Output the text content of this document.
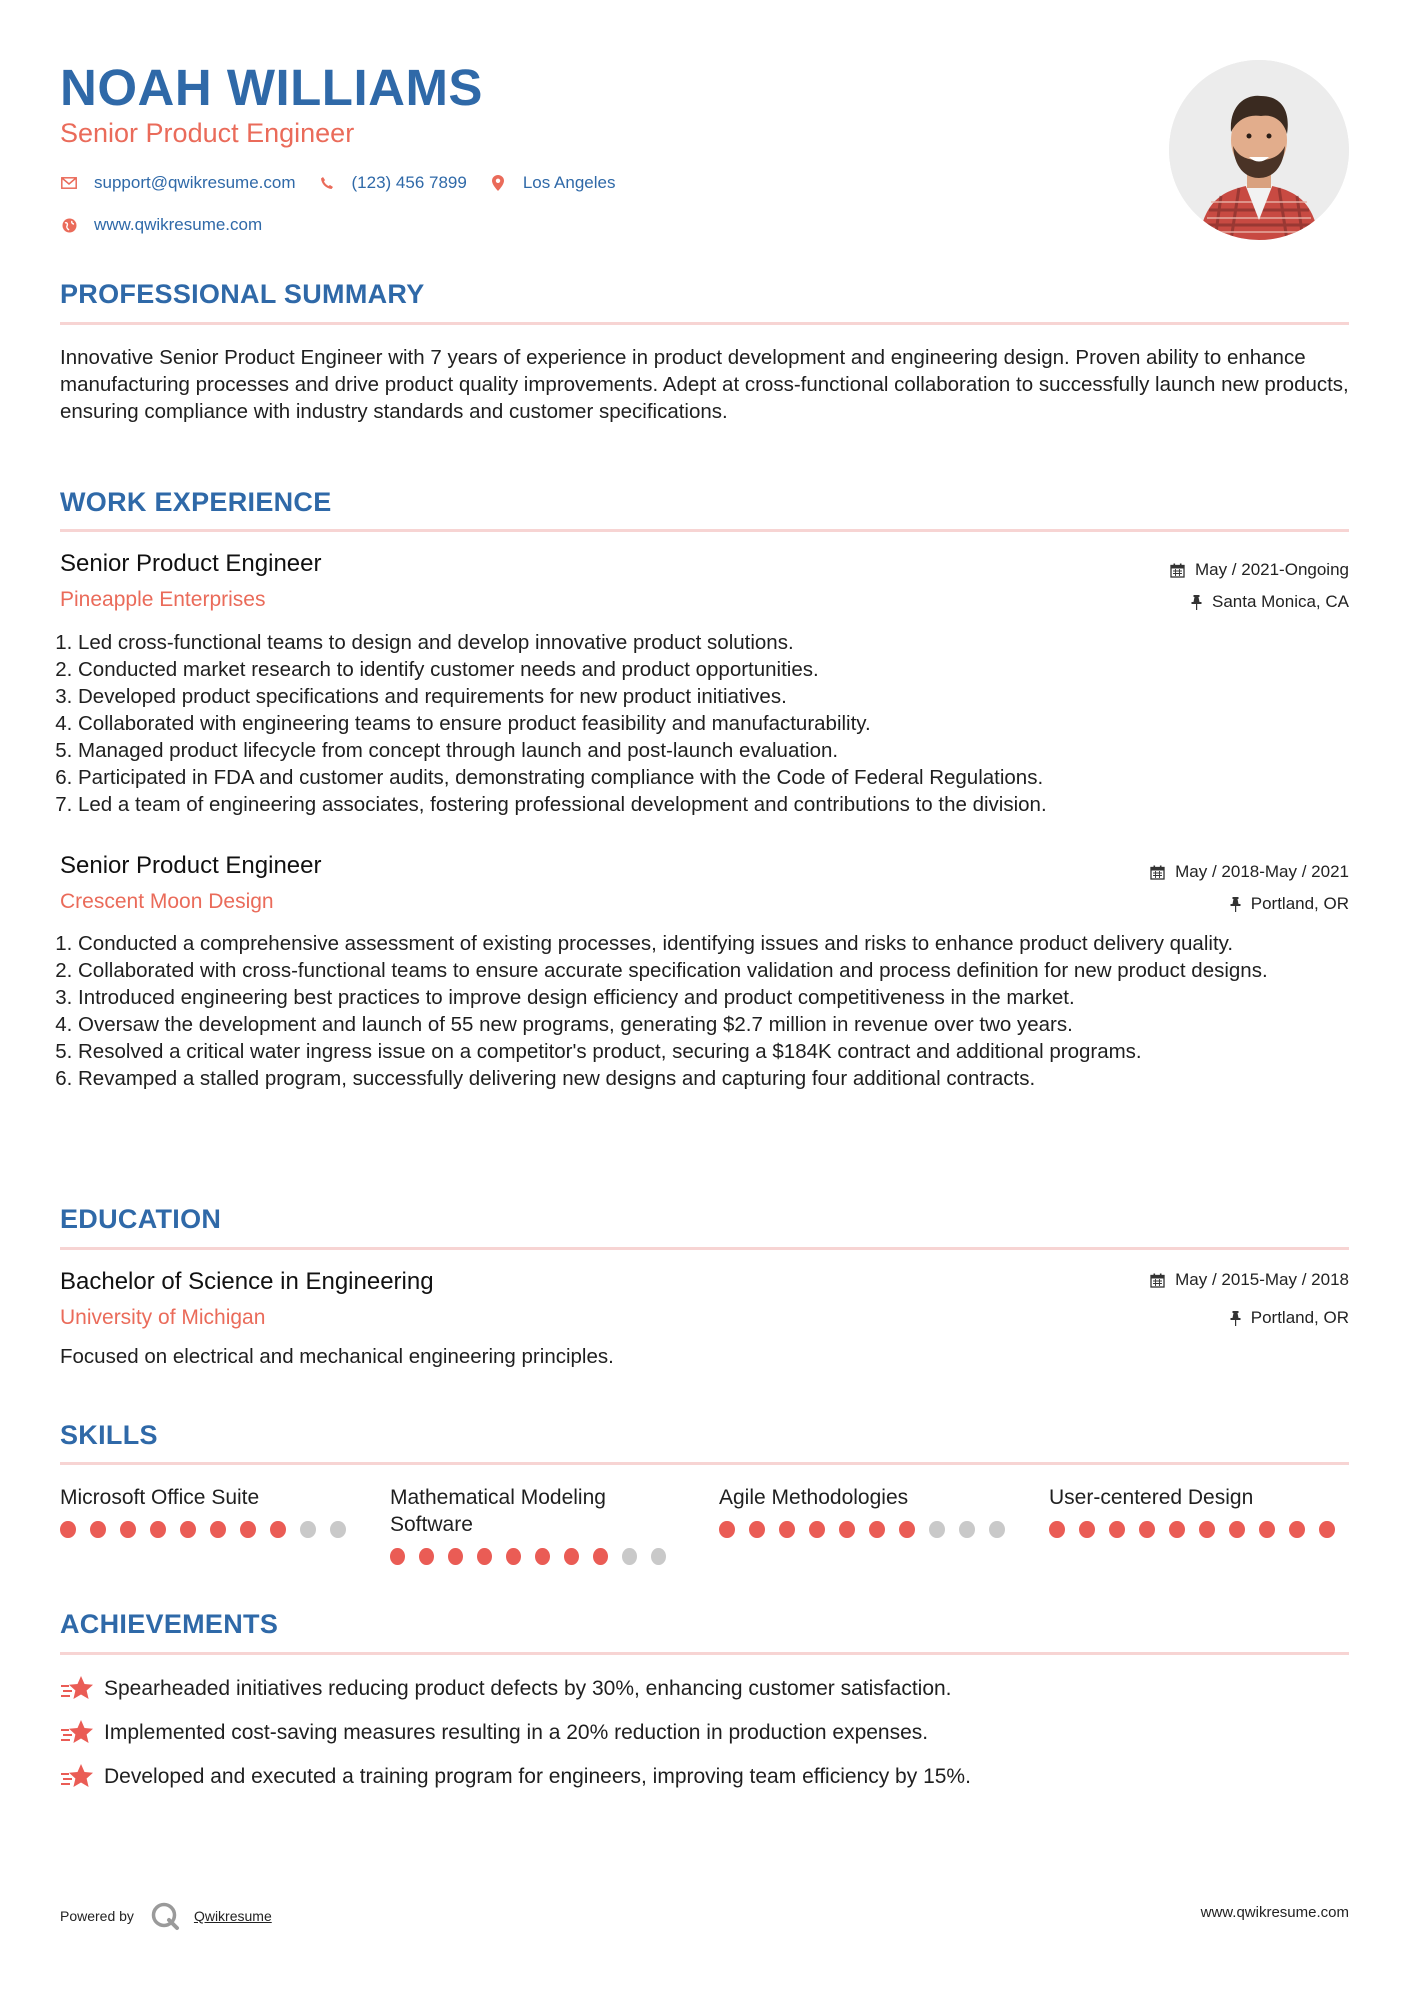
NOAH WILLIAMS
Senior Product Engineer
support@qwikresume.com	(123) 456 7899	Los Angeles
www.qwikresume.com
PROFESSIONAL SUMMARY
Innovative Senior Product Engineer with 7 years of experience in product development and engineering design. Proven ability to enhance manufacturing processes and drive product quality improvements. Adept at cross-functional collaboration to successfully launch new products, ensuring compliance with industry standards and customer specifications.
WORK EXPERIENCE
Senior Product Engineer
Pineapple Enterprises
May / 2021-Ongoing
Santa Monica, CA
1. Led cross-functional teams to design and develop innovative product solutions.
2. Conducted market research to identify customer needs and product opportunities.
3. Developed product specifications and requirements for new product initiatives.
4. Collaborated with engineering teams to ensure product feasibility and manufacturability.
5. Managed product lifecycle from concept through launch and post-launch evaluation.
6. Participated in FDA and customer audits, demonstrating compliance with the Code of Federal Regulations.
7. Led a team of engineering associates, fostering professional development and contributions to the division.
Senior Product Engineer
Crescent Moon Design
May / 2018-May / 2021
Portland, OR
1. Conducted a comprehensive assessment of existing processes, identifying issues and risks to enhance product delivery quality.
2. Collaborated with cross-functional teams to ensure accurate specification validation and process definition for new product designs.
3. Introduced engineering best practices to improve design efficiency and product competitiveness in the market.
4. Oversaw the development and launch of 55 new programs, generating $2.7 million in revenue over two years.
5. Resolved a critical water ingress issue on a competitor's product, securing a $184K contract and additional programs.
6. Revamped a stalled program, successfully delivering new designs and capturing four additional contracts.
EDUCATION
Bachelor of Science in Engineering
University of Michigan
May / 2015-May / 2018
Portland, OR
Focused on electrical and mechanical engineering principles.
SKILLS
Microsoft Office Suite	Mathematical Modeling Software
Agile Methodologies	User-centered Design
ACHIEVEMENTS
Spearheaded initiatives reducing product defects by 30%, enhancing customer satisfaction.
Implemented cost-saving measures resulting in a 20% reduction in production expenses.
Developed and executed a training program for engineers, improving team efficiency by 15%.
Powered by	Qwikresume	www.qwikresume.com
